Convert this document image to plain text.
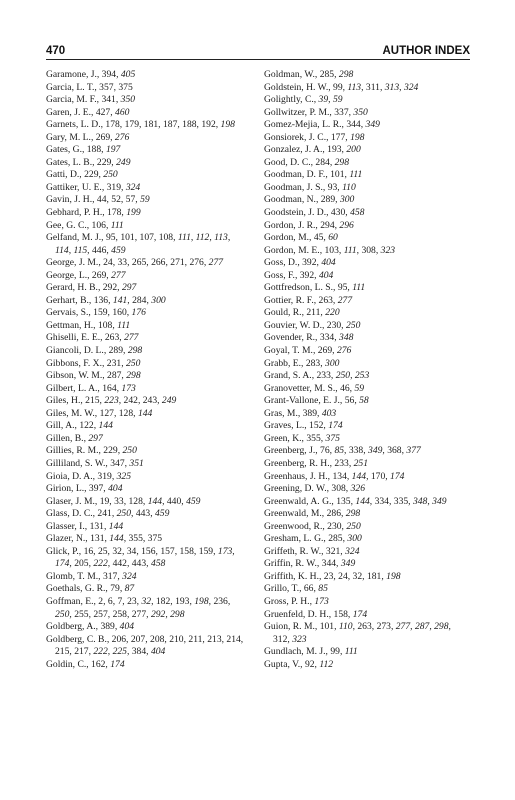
470	AUTHOR INDEX
Garamone, J., 394, 405
Garcia, L. T., 357, 375
Garcia, M. F., 341, 350
Garen, J. E., 427, 460
Garnets, L. D., 178, 179, 181, 187, 188, 192, 198
Gary, M. L., 269, 276
Gates, G., 188, 197
Gates, L. B., 229, 249
Gatti, D., 229, 250
Gattiker, U. E., 319, 324
Gavin, J. H., 44, 52, 57, 59
Gebhard, P. H., 178, 199
Gee, G. C., 106, 111
Gelfand, M. J., 95, 101, 107, 108, 111, 112, 113, 114, 115, 446, 459
George, J. M., 24, 33, 265, 266, 271, 276, 277
George, L., 269, 277
Gerard, H. B., 292, 297
Gerhart, B., 136, 141, 284, 300
Gervais, S., 159, 160, 176
Gettman, H., 108, 111
Ghiselli, E. E., 263, 277
Giancoli, D. L., 289, 298
Gibbons, F. X., 231, 250
Gibson, W. M., 287, 298
Gilbert, L. A., 164, 173
Giles, H., 215, 223, 242, 243, 249
Giles, M. W., 127, 128, 144
Gill, A., 122, 144
Gillen, B., 297
Gillies, R. M., 229, 250
Gilliland, S. W., 347, 351
Gioia, D. A., 319, 325
Girion, L., 397, 404
Glaser, J. M., 19, 33, 128, 144, 440, 459
Glass, D. C., 241, 250, 443, 459
Glasser, I., 131, 144
Glazer, N., 131, 144, 355, 375
Glick, P., 16, 25, 32, 34, 156, 157, 158, 159, 173, 174, 205, 222, 442, 443, 458
Glomb, T. M., 317, 324
Goethals, G. R., 79, 87
Goffman, E., 2, 6, 7, 23, 32, 182, 193, 198, 236, 250, 255, 257, 258, 277, 292, 298
Goldberg, A., 389, 404
Goldberg, C. B., 206, 207, 208, 210, 211, 213, 214, 215, 217, 222, 225, 384, 404
Goldin, C., 162, 174
Goldman, W., 285, 298
Goldstein, H. W., 99, 113, 311, 313, 324
Golightly, C., 39, 59
Gollwitzer, P. M., 337, 350
Gomez-Mejia, L. R., 344, 349
Gonsiorek, J. C., 177, 198
Gonzalez, J. A., 193, 200
Good, D. C., 284, 298
Goodman, D. F., 101, 111
Goodman, J. S., 93, 110
Goodman, N., 289, 300
Goodstein, J. D., 430, 458
Gordon, J. R., 294, 296
Gordon, M., 45, 60
Gordon, M. E., 103, 111, 308, 323
Goss, D., 392, 404
Goss, F., 392, 404
Gottfredson, L. S., 95, 111
Gottier, R. F., 263, 277
Gould, R., 211, 220
Gouvier, W. D., 230, 250
Govender, R., 334, 348
Goyal, T. M., 269, 276
Grabb, E., 283, 300
Grand, S. A., 233, 250, 253
Granovetter, M. S., 46, 59
Grant-Vallone, E. J., 56, 58
Gras, M., 389, 403
Graves, L., 152, 174
Green, K., 355, 375
Greenberg, J., 76, 85, 338, 349, 368, 377
Greenberg, R. H., 233, 251
Greenhaus, J. H., 134, 144, 170, 174
Greening, D. W., 308, 326
Greenwald, A. G., 135, 144, 334, 335, 348, 349
Greenwald, M., 286, 298
Greenwood, R., 230, 250
Gresham, L. G., 285, 300
Griffeth, R. W., 321, 324
Griffin, R. W., 344, 349
Griffith, K. H., 23, 24, 32, 181, 198
Grillo, T., 66, 85
Gross, P. H., 173
Gruenfeld, D. H., 158, 174
Guion, R. M., 101, 110, 263, 273, 277, 287, 298, 312, 323
Gundlach, M. J., 99, 111
Gupta, V., 92, 112
